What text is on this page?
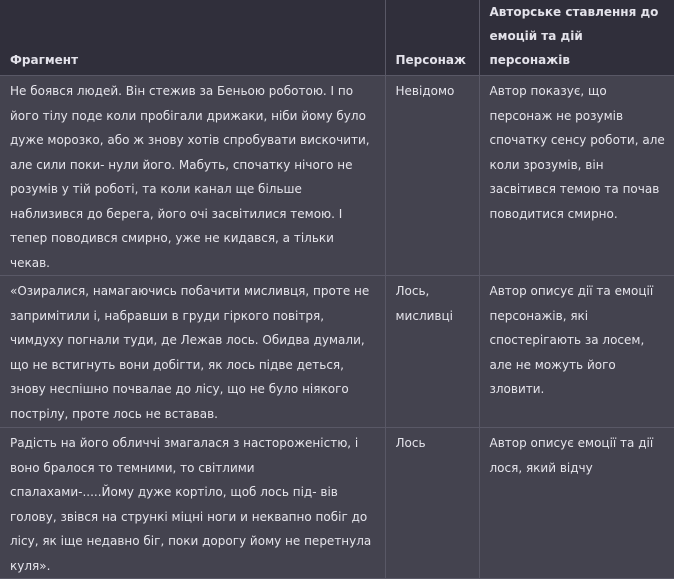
Фрагмент	Персонаж	Авторське ставлення до емоцій та дій персонажів
Не боявся людей. Він стежив за Беньою роботою. І по його тілу поде коли пробігали дрижаки, ніби йому було дуже морозко, або ж знову хотів спробувати вискочити, але сили поки- нули його. Мабуть, спочатку нічого не розумів у тій роботі, та коли канал ще більше наблизився до берега, його очі засвітилися темою. І тепер поводився смирно, уже не кидався, а тільки чекав.	Невідомо	Автор показує, що персонаж не розумів спочатку сенсу роботи, але коли зрозумів, він засвітився темою та почав поводитися смирно.
«Озиралися, намагаючись побачити мисливця, проте не запримітили і, набравши в груди гіркого повітря, чимдуху погнали туди, де Лежав лось. Обидва думали, що не встигнуть вони добігти, як лось підве деться, знову неспішно почвалае до лісу, що не було ніякого пострілу, проте лось не вставав.	Лось, мисливці	Автор описує дії та емоції персонажів, які спостерігають за лосем, але не можуть його зловити.
Радість на його обличчі змагалася з настороженістю, і воно бралося то темними, то світлими спалахами-.....Йому дуже кортіло, щоб лось під- вів голову, звівся на стрункі міцні ноги и неквапно побіг до лісу, як іще недавно біг, поки дорогу йому не перетнула куля».	Лось	Автор описує емоції та дії лося, який відчу
